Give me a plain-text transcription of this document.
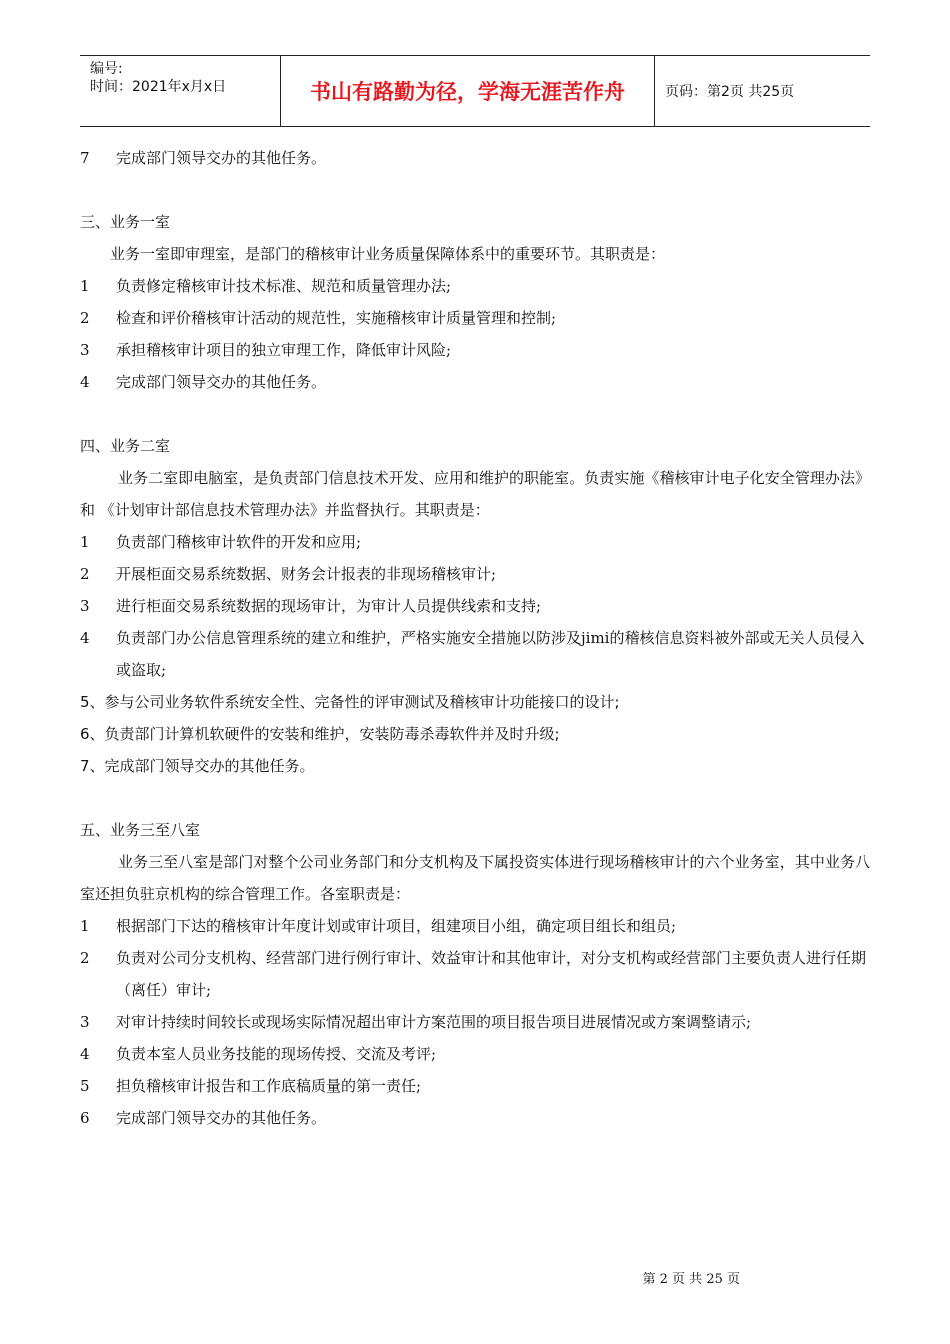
编号:
时间：2021年x月x日	书山有路勤为径，学海无涯苦作舟	页码：第2页 共25页
7	完成部门领导交办的其他任务。
三、业务一室
业务一室即审理室，是部门的稽核审计业务质量保障体系中的重要环节。其职责是：
1	负责修定稽核审计技术标准、规范和质量管理办法;
2	检查和评价稽核审计活动的规范性，实施稽核审计质量管理和控制;
3	承担稽核审计项目的独立审理工作，降低审计风险;
4	完成部门领导交办的其他任务。
四、业务二室
业务二室即电脑室，是负责部门信息技术开发、应用和维护的职能室。负责实施《稽核审计电子化安全管理办法》和 《计划审计部信息技术管理办法》并监督执行。其职责是：
1	负责部门稽核审计软件的开发和应用;
2	开展柜面交易系统数据、财务会计报表的非现场稽核审计;
3	进行柜面交易系统数据的现场审计，为审计人员提供线索和支持;
4	负责部门办公信息管理系统的建立和维护，严格实施安全措施以防涉及jimi的稽核信息资料被外部或无关人员侵入或盗取;
5、参与公司业务软件系统安全性、完备性的评审测试及稽核审计功能接口的设计;
6、负责部门计算机软硬件的安装和维护，安装防毒杀毒软件并及时升级;
7、完成部门领导交办的其他任务。
五、业务三至八室
业务三至八室是部门对整个公司业务部门和分支机构及下属投资实体进行现场稽核审计的六个业务室，其中业务八室还担负驻京机构的综合管理工作。各室职责是：
1	根据部门下达的稽核审计年度计划或审计项目，组建项目小组，确定项目组长和组员;
2	负责对公司分支机构、经营部门进行例行审计、效益审计和其他审计，对分支机构或经营部门主要负责人进行任期（离任）审计;
3	对审计持续时间较长或现场实际情况超出审计方案范围的项目报告项目进展情况或方案调整请示;
4	负责本室人员业务技能的现场传授、交流及考评;
5	担负稽核审计报告和工作底稿质量的第一责任;
6	完成部门领导交办的其他任务。
第 2 页 共 25 页
